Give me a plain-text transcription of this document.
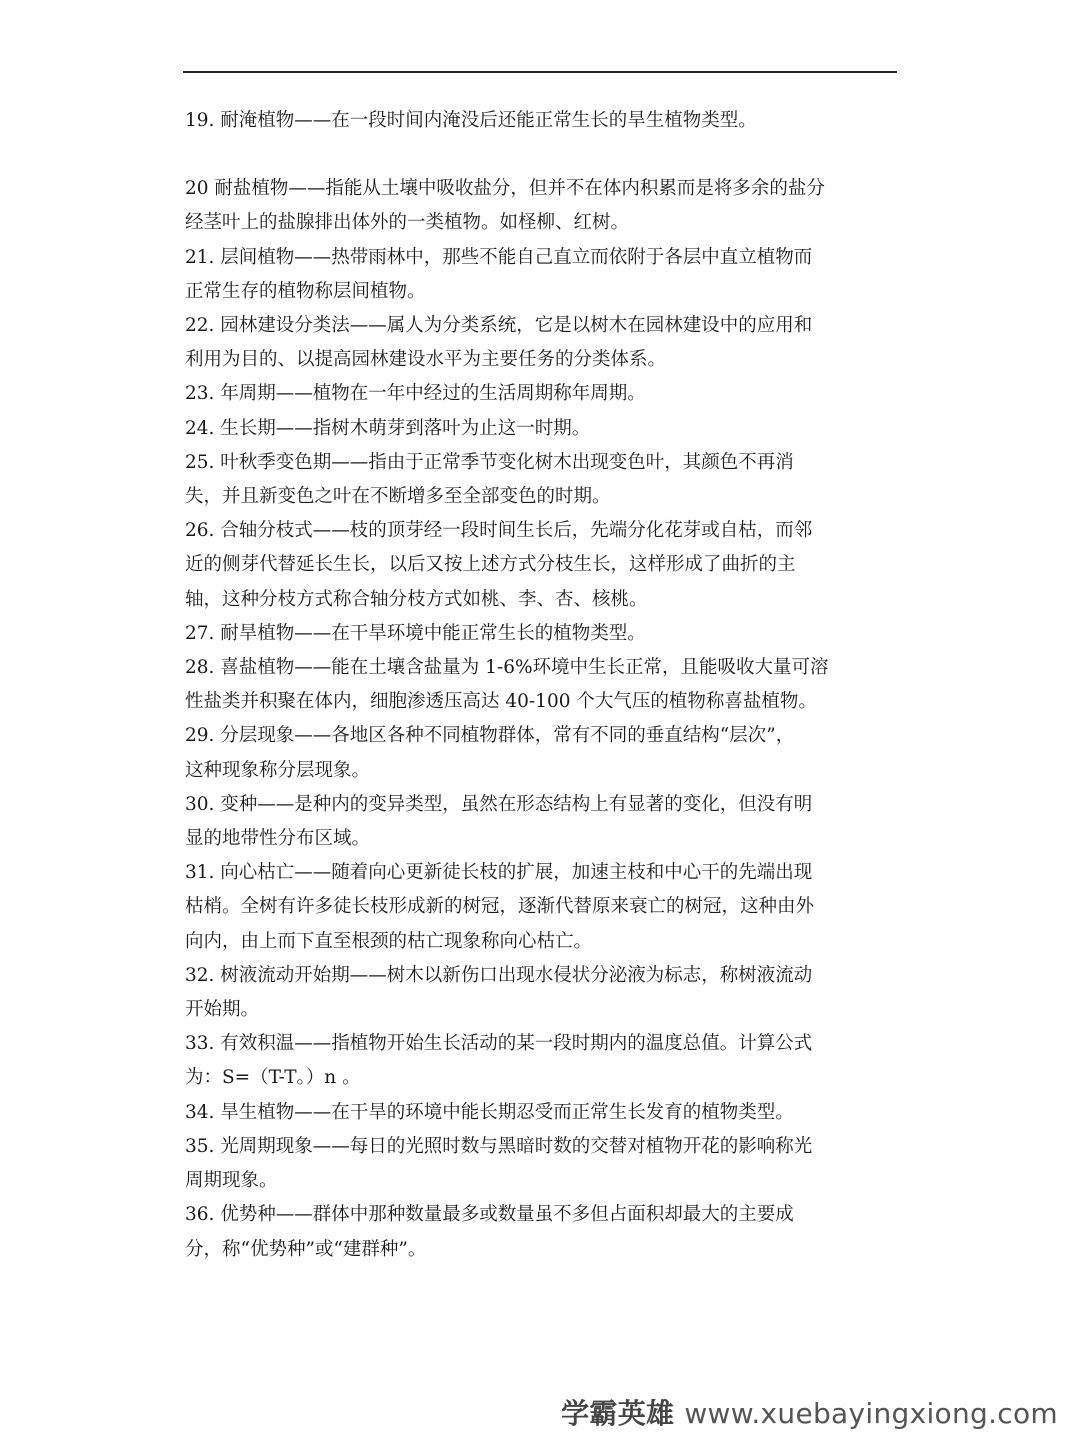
19. 耐淹植物——在一段时间内淹没后还能正常生长的旱生植物类型。

20 耐盐植物——指能从土壤中吸收盐分，但并不在体内积累而是将多余的盐分
经茎叶上的盐腺排出体外的一类植物。如柽柳、红树。

21. 层间植物——热带雨林中，那些不能自己直立而依附于各层中直立植物而
正常生存的植物称层间植物。

22. 园林建设分类法——属人为分类系统，它是以树木在园林建设中的应用和
利用为目的、以提高园林建设水平为主要任务的分类体系。

23. 年周期——植物在一年中经过的生活周期称年周期。

24. 生长期——指树木萌芽到落叶为止这一时期。

25. 叶秋季变色期——指由于正常季节变化树木出现变色叶，其颜色不再消
失，并且新变色之叶在不断增多至全部变色的时期。

26. 合轴分枝式——枝的顶芽经一段时间生长后，先端分化花芽或自枯，而邻
近的侧芽代替延长生长，以后又按上述方式分枝生长，这样形成了曲折的主
轴，这种分枝方式称合轴分枝方式如桃、李、杏、核桃。

27. 耐旱植物——在干旱环境中能正常生长的植物类型。

28. 喜盐植物——能在土壤含盐量为 1-6%环境中生长正常，且能吸收大量可溶
性盐类并积聚在体内，细胞渗透压高达 40-100 个大气压的植物称喜盐植物。

29. 分层现象——各地区各种不同植物群体，常有不同的垂直结构“层次”，
这种现象称分层现象。

30. 变种——是种内的变异类型，虽然在形态结构上有显著的变化，但没有明
显的地带性分布区域。

31. 向心枯亡——随着向心更新徒长枝的扩展，加速主枝和中心干的先端出现
枯梢。全树有许多徒长枝形成新的树冠，逐渐代替原来衰亡的树冠，这种由外
向内，由上而下直至根颈的枯亡现象称向心枯亡。

32. 树液流动开始期——树木以新伤口出现水侵状分泌液为标志，称树液流动
开始期。

33. 有效积温——指植物开始生长活动的某一段时期内的温度总值。计算公式
为：S=（T-T。）n 。

34. 旱生植物——在干旱的环境中能长期忍受而正常生长发育的植物类型。

35. 光周期现象——每日的光照时数与黑暗时数的交替对植物开花的影响称光
周期现象。

36. 优势种——群体中那种数量最多或数量虽不多但占面积却最大的主要成
分，称“优势种”或“建群种”。

学霸英雄 www.xuebayingxiong.com
